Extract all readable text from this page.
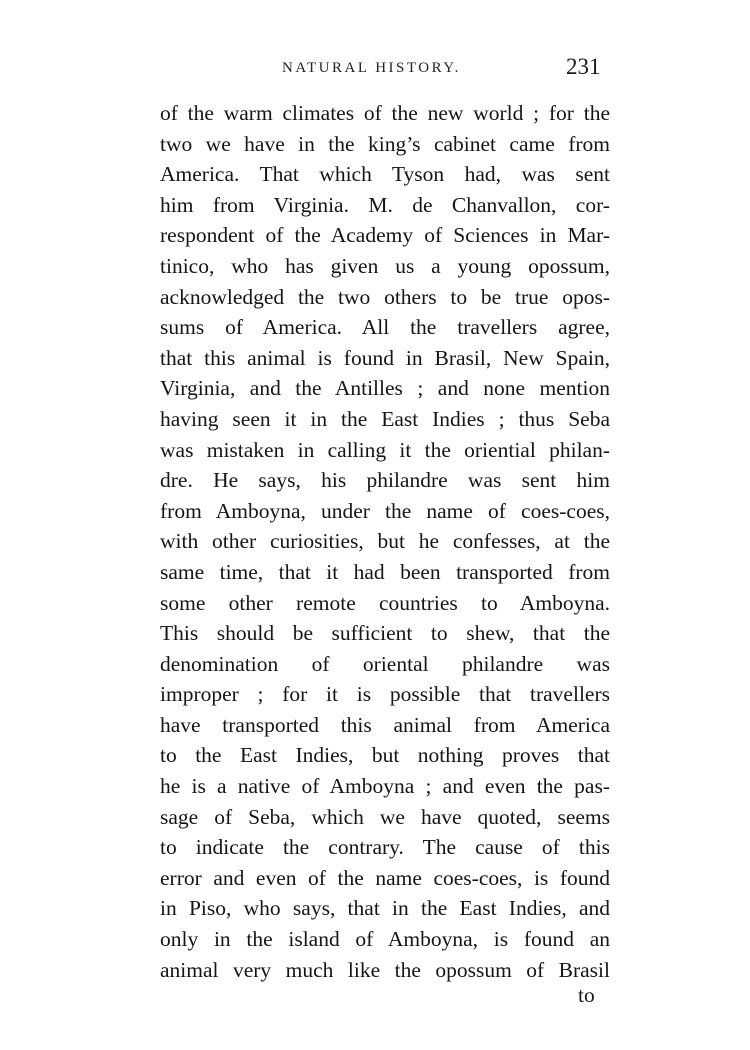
NATURAL HISTORY.	231
of the warm climates of the new world ; for the
two we have in the king’s cabinet came from
America. That which Tyson had, was sent
him from Virginia. M. de Chanvallon, cor-
respondent of the Academy of Sciences in Mar-
tinico, who has given us a young opossum,
acknowledged the two others to be true opos-
sums of America. All the travellers agree,
that this animal is found in Brasil, New Spain,
Virginia, and the Antilles ; and none mention
having seen it in the East Indies ; thus Seba
was mistaken in calling it the oriential philan-
dre. He says, his philandre was sent him
from Amboyna, under the name of coes-coes,
with other curiosities, but he confesses, at the
same time, that it had been transported from
some other remote countries to Amboyna.
This should be sufficient to shew, that the
denomination of oriental philandre was
improper ; for it is possible that travellers
have transported this animal from America
to the East Indies, but nothing proves that
he is a native of Amboyna ; and even the pas-
sage of Seba, which we have quoted, seems
to indicate the contrary. The cause of this
error and even of the name coes-coes, is found
in Piso, who says, that in the East Indies, and
only in the island of Amboyna, is found an
animal very much like the opossum of Brasil
to
